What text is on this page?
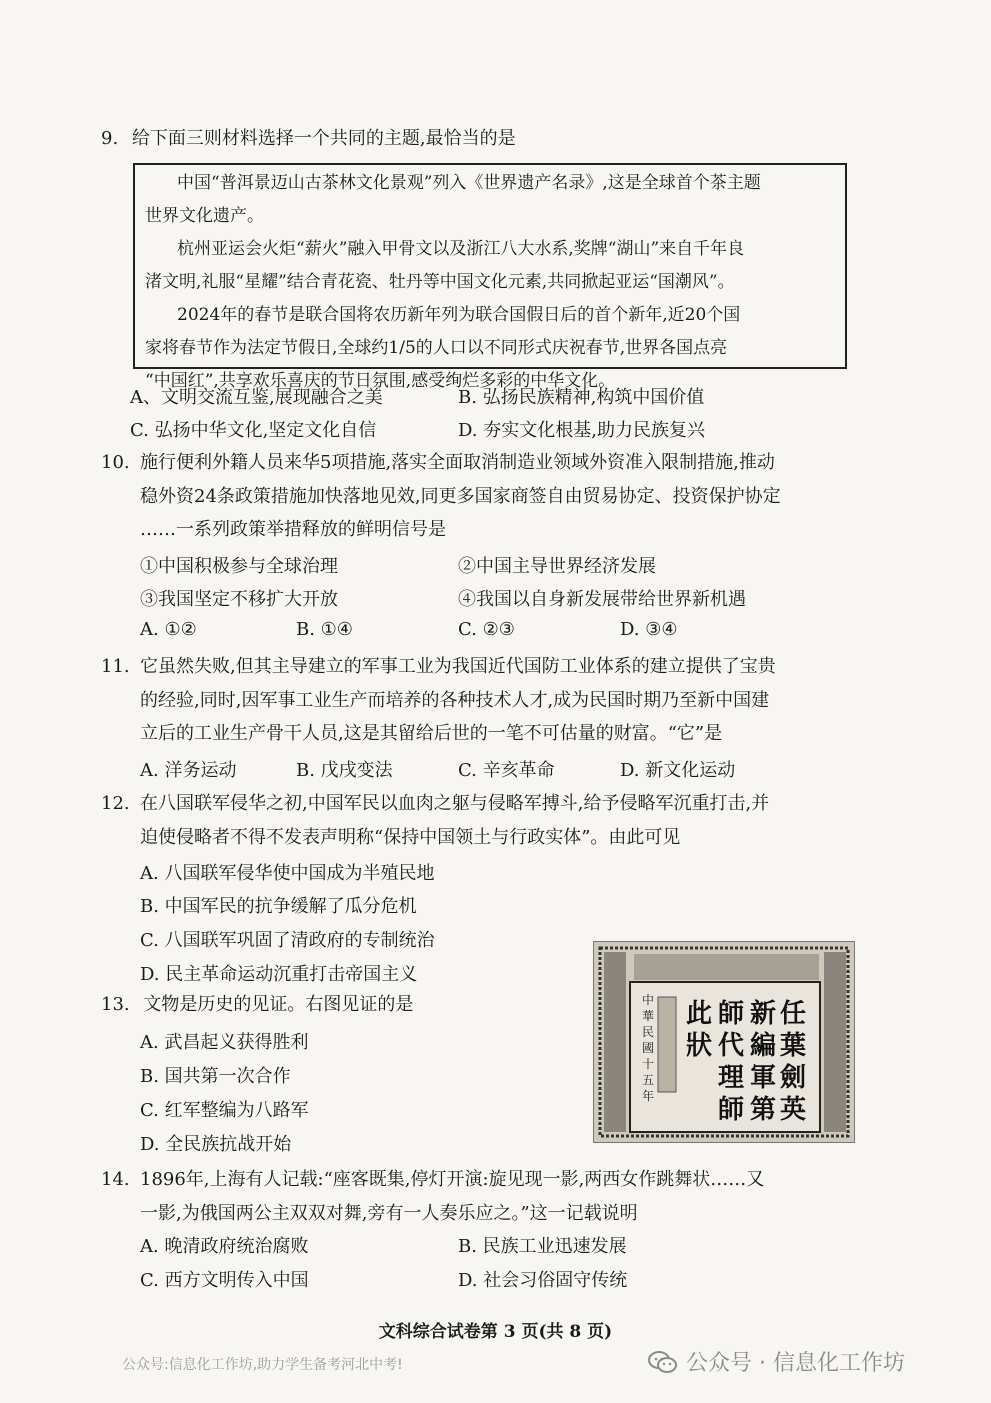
9. 给下面三则材料选择一个共同的主题,最恰当的是

中国“普洱景迈山古茶林文化景观”列入《世界遗产名录》,这是全球首个茶主题

世界文化遗产。

杭州亚运会火炬“薪火”融入甲骨文以及浙江八大水系,奖牌“湖山”来自千年良

渚文明,礼服“星耀”结合青花瓷、牡丹等中国文化元素,共同掀起亚运“国潮风”。

2024年的春节是联合国将农历新年列为联合国假日后的首个新年,近20个国

家将春节作为法定节假日,全球约1/5的人口以不同形式庆祝春节,世界各国点亮

“中国红”,共享欢乐喜庆的节日氛围,感受绚烂多彩的中华文化。

A、文明交流互鉴,展现融合之美	B. 弘扬民族精神,构筑中国价值
C. 弘扬中华文化,坚定文化自信	D. 夯实文化根基,助力民族复兴
10. 施行便利外籍人员来华5项措施,落实全面取消制造业领域外资准入限制措施,推动
稳外资24条政策措施加快落地见效,同更多国家商签自由贸易协定、投资保护协定
……一系列政策举措释放的鲜明信号是
①中国积极参与全球治理	②中国主导世界经济发展
③我国坚定不移扩大开放	④我国以自身新发展带给世界新机遇
A. ①②	B. ①④	C. ②③	D. ③④
11. 它虽然失败,但其主导建立的军事工业为我国近代国防工业体系的建立提供了宝贵
的经验,同时,因军事工业生产而培养的各种技术人才,成为民国时期乃至新中国建
立后的工业生产骨干人员,这是其留给后世的一笔不可估量的财富。“它”是
A. 洋务运动	B. 戊戌变法	C. 辛亥革命	D. 新文化运动
12. 在八国联军侵华之初,中国军民以血肉之躯与侵略军搏斗,给予侵略军沉重打击,并
迫使侵略者不得不发表声明称“保持中国领土与行政实体”。由此可见
A. 八国联军侵华使中国成为半殖民地
B. 中国军民的抗争缓解了瓜分危机
C. 八国联军巩固了清政府的专制统治
D. 民主革命运动沉重打击帝国主义
13. 文物是历史的见证。右图见证的是
A. 武昌起义获得胜利
B. 国共第一次合作
C. 红军整编为八路军
D. 全民族抗战开始
任
葉
劍
英
新
編
軍
第
師
代
理
師
此
狀
中
華
民
國
十
五
年
14. 1896年,上海有人记载:“座客既集,停灯开演:旋见现一影,两西女作跳舞状……又
一影,为俄国两公主双双对舞,旁有一人奏乐应之。”这一记载说明
A. 晚清政府统治腐败	B. 民族工业迅速发展
C. 西方文明传入中国	D. 社会习俗固守传统
文科综合试卷第 3 页(共 8 页)
公众号:信息化工作坊,助力学生备考河北中考!	公众号 · 信息化工作坊
